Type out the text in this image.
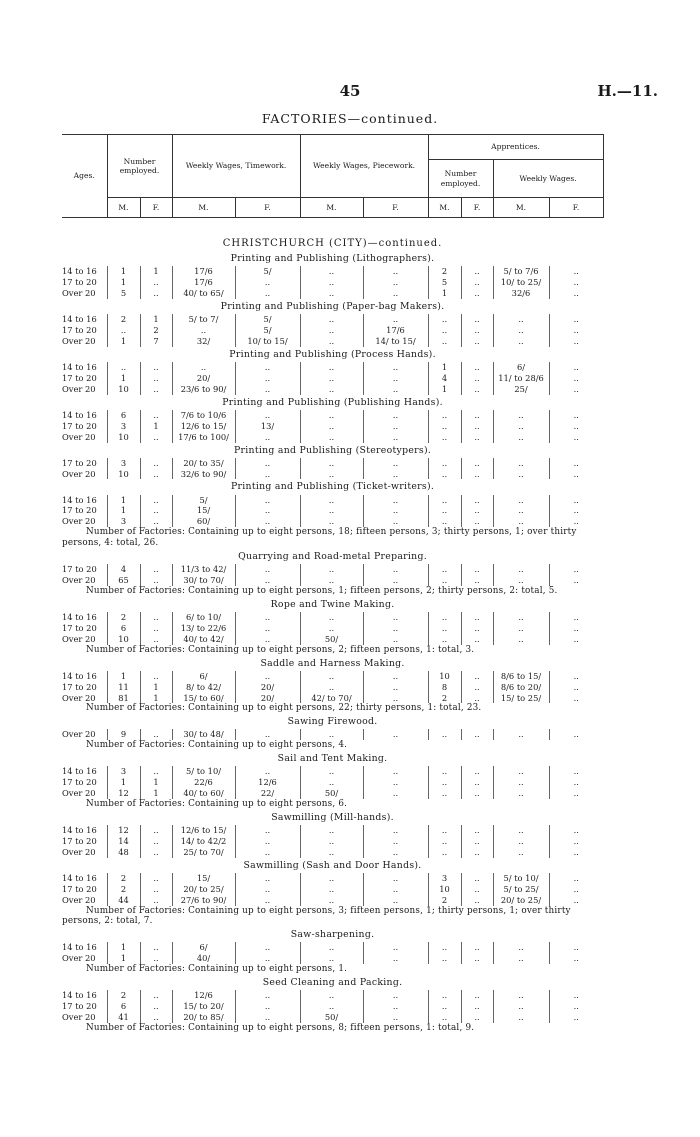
45	H.—11.
FACTORIES—continued.
Ages.	Number employed.		Weekly Wages, Timework.		Weekly Wages, Piecework.		Apprentices.			
							Number employed.		Weekly Wages.	
	M.	F.	M.	F.	M.	F.	M.	F.	M.	F.
CHRISTCHURCH (CITY)—continued.										
Printing and Publishing (Lithographers).										
14 to 16	1	1	17/6	5/	..	..	2	..	5/ to 7/6	..
17 to 20	1	..	17/6	..	..	..	5	..	10/ to 25/	..
Over 20	5	..	40/ to 65/	..	..	..	1	..	32/6	..
Printing and Publishing (Paper-bag Makers).										
14 to 16	2	1	5/ to 7/	5/	..	..	..	..	..	..
17 to 20	..	2	..	5/	..	17/6	..	..	..	..
Over 20	1	7	32/	10/ to 15/	..	14/ to 15/	..	..	..	..
Printing and Publishing (Process Hands).										
14 to 16	..	..	..	..	..	..	1	..	6/	..
17 to 20	1	..	20/	..	..	..	4	..	11/ to 28/6	..
Over 20	10	..	23/6 to 90/	..	..	..	1	..	25/	..
Printing and Publishing (Publishing Hands).										
14 to 16	6	..	7/6 to 10/6	..	..	..	..	..	..	..
17 to 20	3	1	12/6 to 15/	13/	..	..	..	..	..	..
Over 20	10	..	17/6 to 100/	..	..	..	..	..	..	..
Printing and Publishing (Stereotypers).										
17 to 20	3	..	20/ to 35/	..	..	..	..	..	..	..
Over 20	10	..	32/6 to 90/	..	..	..	..	..	..	..
Printing and Publishing (Ticket-writers).										
14 to 16	1	..	5/	..	..	..	..	..	..	..
17 to 20	1	..	15/	..	..	..	..	..	..	..
Over 20	3	..	60/	..	..	..	..	..	..	..
Number of Factories: Containing up to eight persons, 18; fifteen persons, 3; thirty persons, 1; over thirty										
persons, 4: total, 26.										
Quarrying and Road-metal Preparing.										
17 to 20	4	..	11/3 to 42/	..	..	..	..	..	..	..
Over 20	65	..	30/ to 70/	..	..	..	..	..	..	..
Number of Factories: Containing up to eight persons, 1; fifteen persons, 2; thirty persons, 2: total, 5.										
Rope and Twine Making.										
14 to 16	2	..	6/ to 10/	..	..	..	..	..	..	..
17 to 20	6	..	13/ to 22/6	..	..	..	..	..	..	..
Over 20	10	..	40/ to 42/	..	50/	..	..	..	..	..
Number of Factories: Containing up to eight persons, 2; fifteen persons, 1: total, 3.										
Saddle and Harness Making.										
14 to 16	1	..	6/	..	..	..	10	..	8/6 to 15/	..
17 to 20	11	1	8/ to 42/	20/	..	..	8	..	8/6 to 20/	..
Over 20	81	1	15/ to 60/	20/	42/ to 70/	..	2	..	15/ to 25/	..
Number of Factories: Containing up to eight persons, 22; thirty persons, 1: total, 23.										
Sawing Firewood.										
Over 20	9	..	30/ to 48/	..	..	..	..	..	..	..
Number of Factories: Containing up to eight persons, 4.										
Sail and Tent Making.										
14 to 16	3	..	5/ to 10/	..	..	..	..	..	..	..
17 to 20	1	1	22/6	12/6	..	..	..	..	..	..
Over 20	12	1	40/ to 60/	22/	50/	..	..	..	..	..
Number of Factories: Containing up to eight persons, 6.										
Sawmilling (Mill-hands).										
14 to 16	12	..	12/6 to 15/	..	..	..	..	..	..	..
17 to 20	14	..	14/ to 42/2	..	..	..	..	..	..	..
Over 20	48	..	25/ to 70/	..	..	..	..	..	..	..
Sawmilling (Sash and Door Hands).										
14 to 16	2	..	15/	..	..	..	3	..	5/ to 10/	..
17 to 20	2	..	20/ to 25/	..	..	..	10	..	5/ to 25/	..
Over 20	44	..	27/6 to 90/	..	..	..	2	..	20/ to 25/	..
Number of Factories: Containing up to eight persons, 3; fifteen persons, 1; thirty persons, 1; over thirty										
persons, 2: total, 7.										
Saw-sharpening.										
14 to 16	1	..	6/	..	..	..	..	..	..	..
Over 20	1	..	40/	..	..	..	..	..	..	..
Number of Factories: Containing up to eight persons, 1.										
Seed Cleaning and Packing.										
14 to 16	2	..	12/6	..	..	..	..	..	..	..
17 to 20	6	..	15/ to 20/	..	..	..	..	..	..	..
Over 20	41	..	20/ to 85/	..	50/	..	..	..	..	..
Number of Factories: Containing up to eight persons, 8; fifteen persons, 1: total, 9.										
